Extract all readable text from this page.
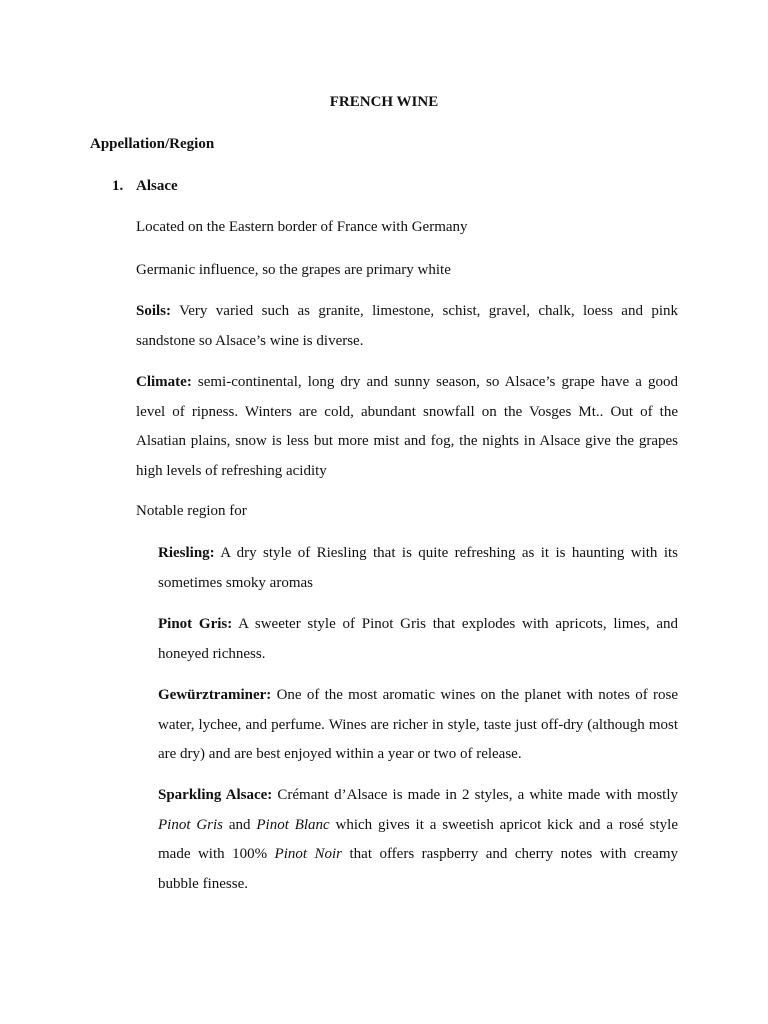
FRENCH WINE
Appellation/Region
1. Alsace
Located on the Eastern border of France with Germany
Germanic influence, so the grapes are primary white
Soils: Very varied such as granite, limestone, schist, gravel, chalk, loess and pink sandstone so Alsace’s wine is diverse.
Climate: semi-continental, long dry and sunny season, so Alsace’s grape have a good level of ripness. Winters are cold, abundant snowfall on the Vosges Mt.. Out of the Alsatian plains, snow is less but more mist and fog, the nights in Alsace give the grapes high levels of refreshing acidity
Notable region for
Riesling: A dry style of Riesling that is quite refreshing as it is haunting with its sometimes smoky aromas
Pinot Gris: A sweeter style of Pinot Gris that explodes with apricots, limes, and honeyed richness.
Gewürztraminer: One of the most aromatic wines on the planet with notes of rose water, lychee, and perfume. Wines are richer in style, taste just off-dry (although most are dry) and are best enjoyed within a year or two of release.
Sparkling Alsace: Crémant d’Alsace is made in 2 styles, a white made with mostly Pinot Gris and Pinot Blanc which gives it a sweetish apricot kick and a rosé style made with 100% Pinot Noir that offers raspberry and cherry notes with creamy bubble finesse.
